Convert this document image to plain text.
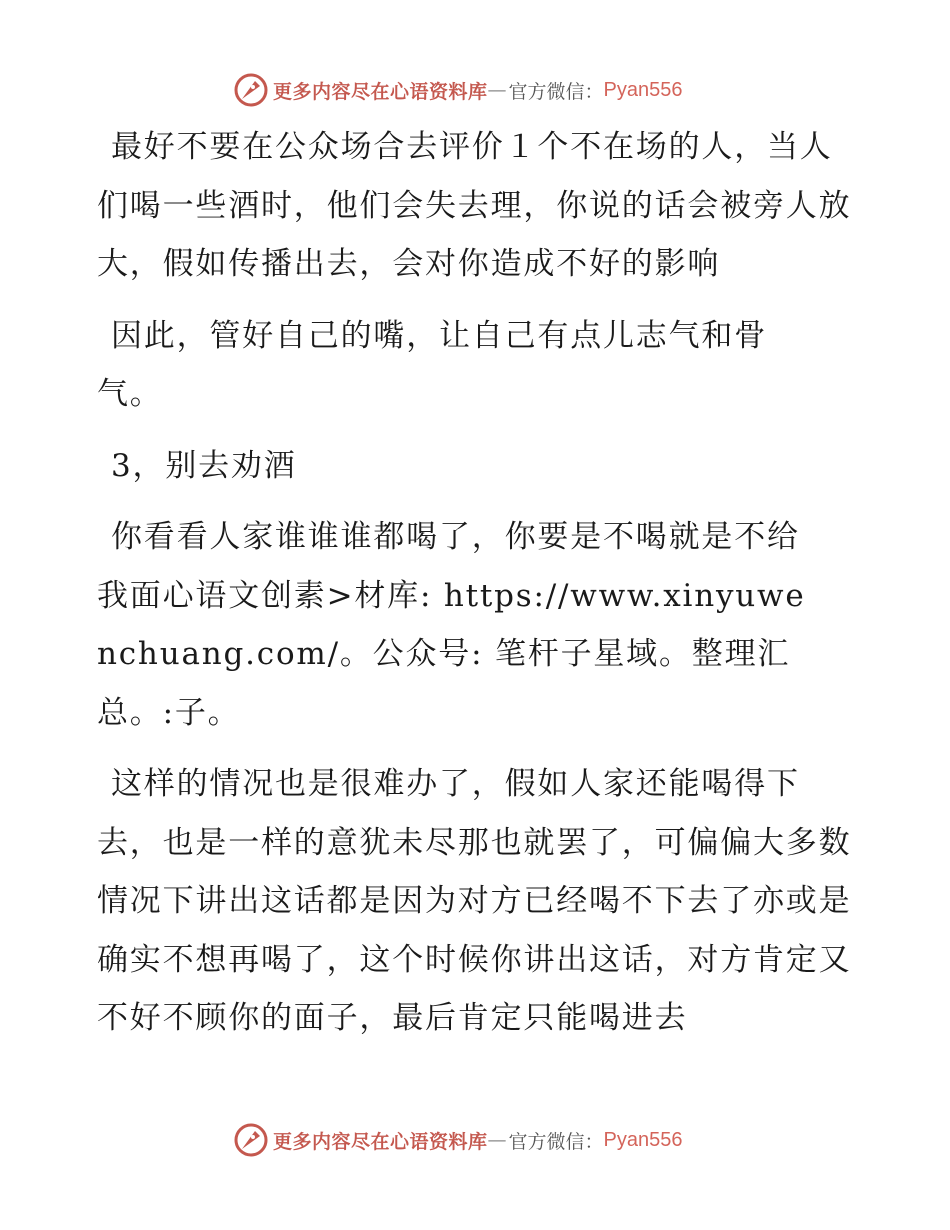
更多内容尽在心语资料库 — 官方微信： Pyan556

最好不要在公众场合去评价１个不在场的人，当人们喝一些酒时，他们会失去理，你说的话会被旁人放大，假如传播出去，会对你造成不好的影响

因此，管好自己的嘴，让自己有点儿志气和骨气。

3，别去劝酒

你看看人家谁谁谁都喝了，你要是不喝就是不给我面心语文创素>材库: https://www.xinyuwenchuang.com/。公众号: 笔杆子星域。整理汇总。:子。

这样的情况也是很难办了，假如人家还能喝得下去，也是一样的意犹未尽那也就罢了，可偏偏大多数情况下讲出这话都是因为对方已经喝不下去了亦或是确实不想再喝了，这个时候你讲出这话，对方肯定又不好不顾你的面子，最后肯定只能喝进去

更多内容尽在心语资料库 — 官方微信： Pyan556
